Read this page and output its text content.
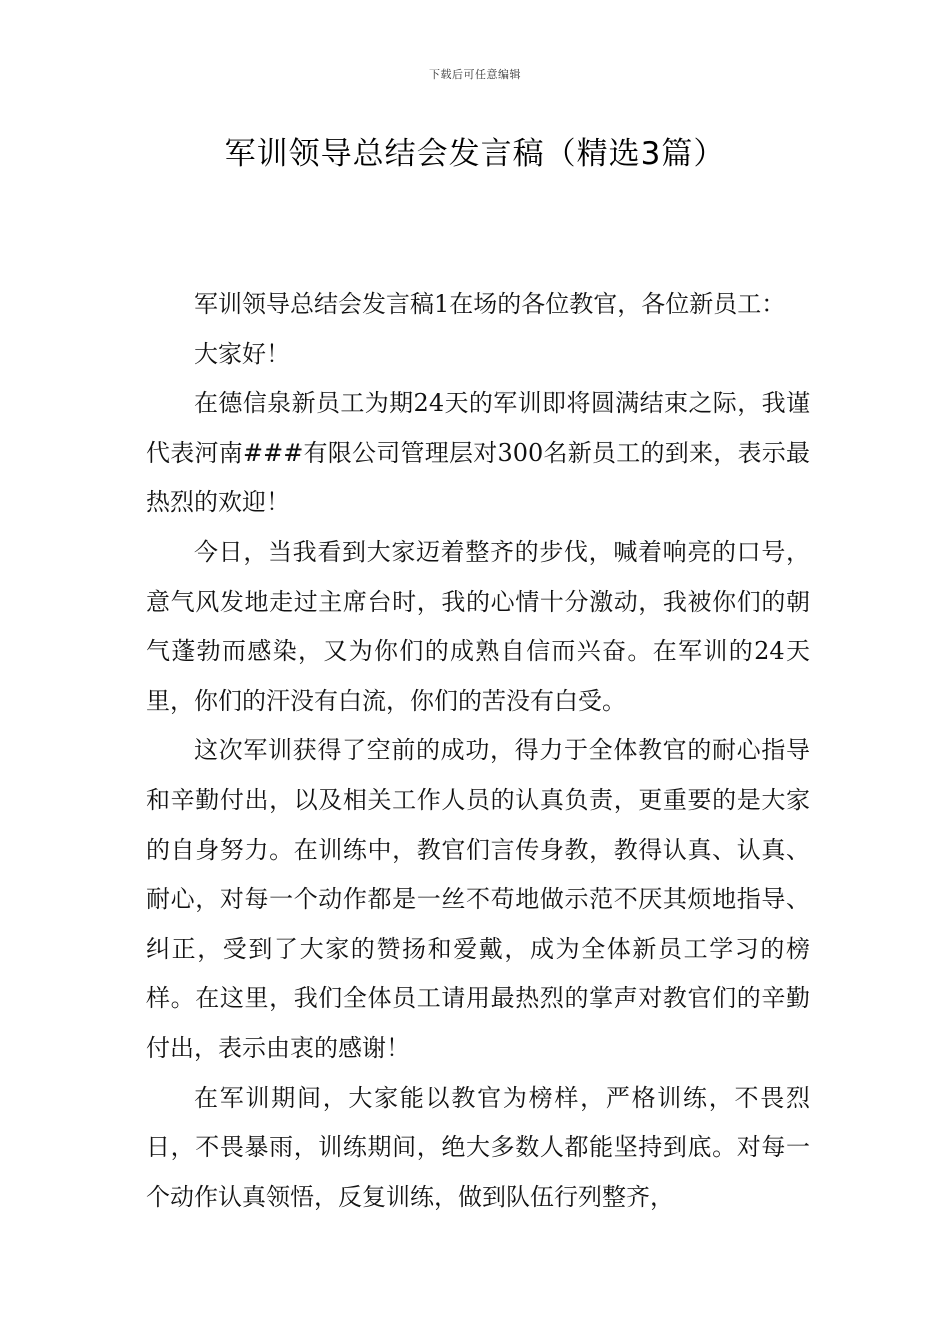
下载后可任意编辑
军训领导总结会发言稿（精选3篇）

军训领导总结会发言稿1在场的各位教官，各位新员工：

大家好！

在德信泉新员工为期24天的军训即将圆满结束之际，我谨代表河南###有限公司管理层对300名新员工的到来，表示最热烈的欢迎！

今日，当我看到大家迈着整齐的步伐，喊着响亮的口号，意气风发地走过主席台时，我的心情十分激动，我被你们的朝气蓬勃而感染，又为你们的成熟自信而兴奋。在军训的24天里，你们的汗没有白流，你们的苦没有白受。

这次军训获得了空前的成功，得力于全体教官的耐心指导和辛勤付出，以及相关工作人员的认真负责，更重要的是大家的自身努力。在训练中，教官们言传身教，教得认真、认真、耐心，对每一个动作都是一丝不苟地做示范不厌其烦地指导、纠正，受到了大家的赞扬和爱戴，成为全体新员工学习的榜样。在这里，我们全体员工请用最热烈的掌声对教官们的辛勤付出，表示由衷的感谢！

在军训期间，大家能以教官为榜样，严格训练，不畏烈日，不畏暴雨，训练期间，绝大多数人都能坚持到底。对每一个动作认真领悟，反复训练，做到队伍行列整齐，
